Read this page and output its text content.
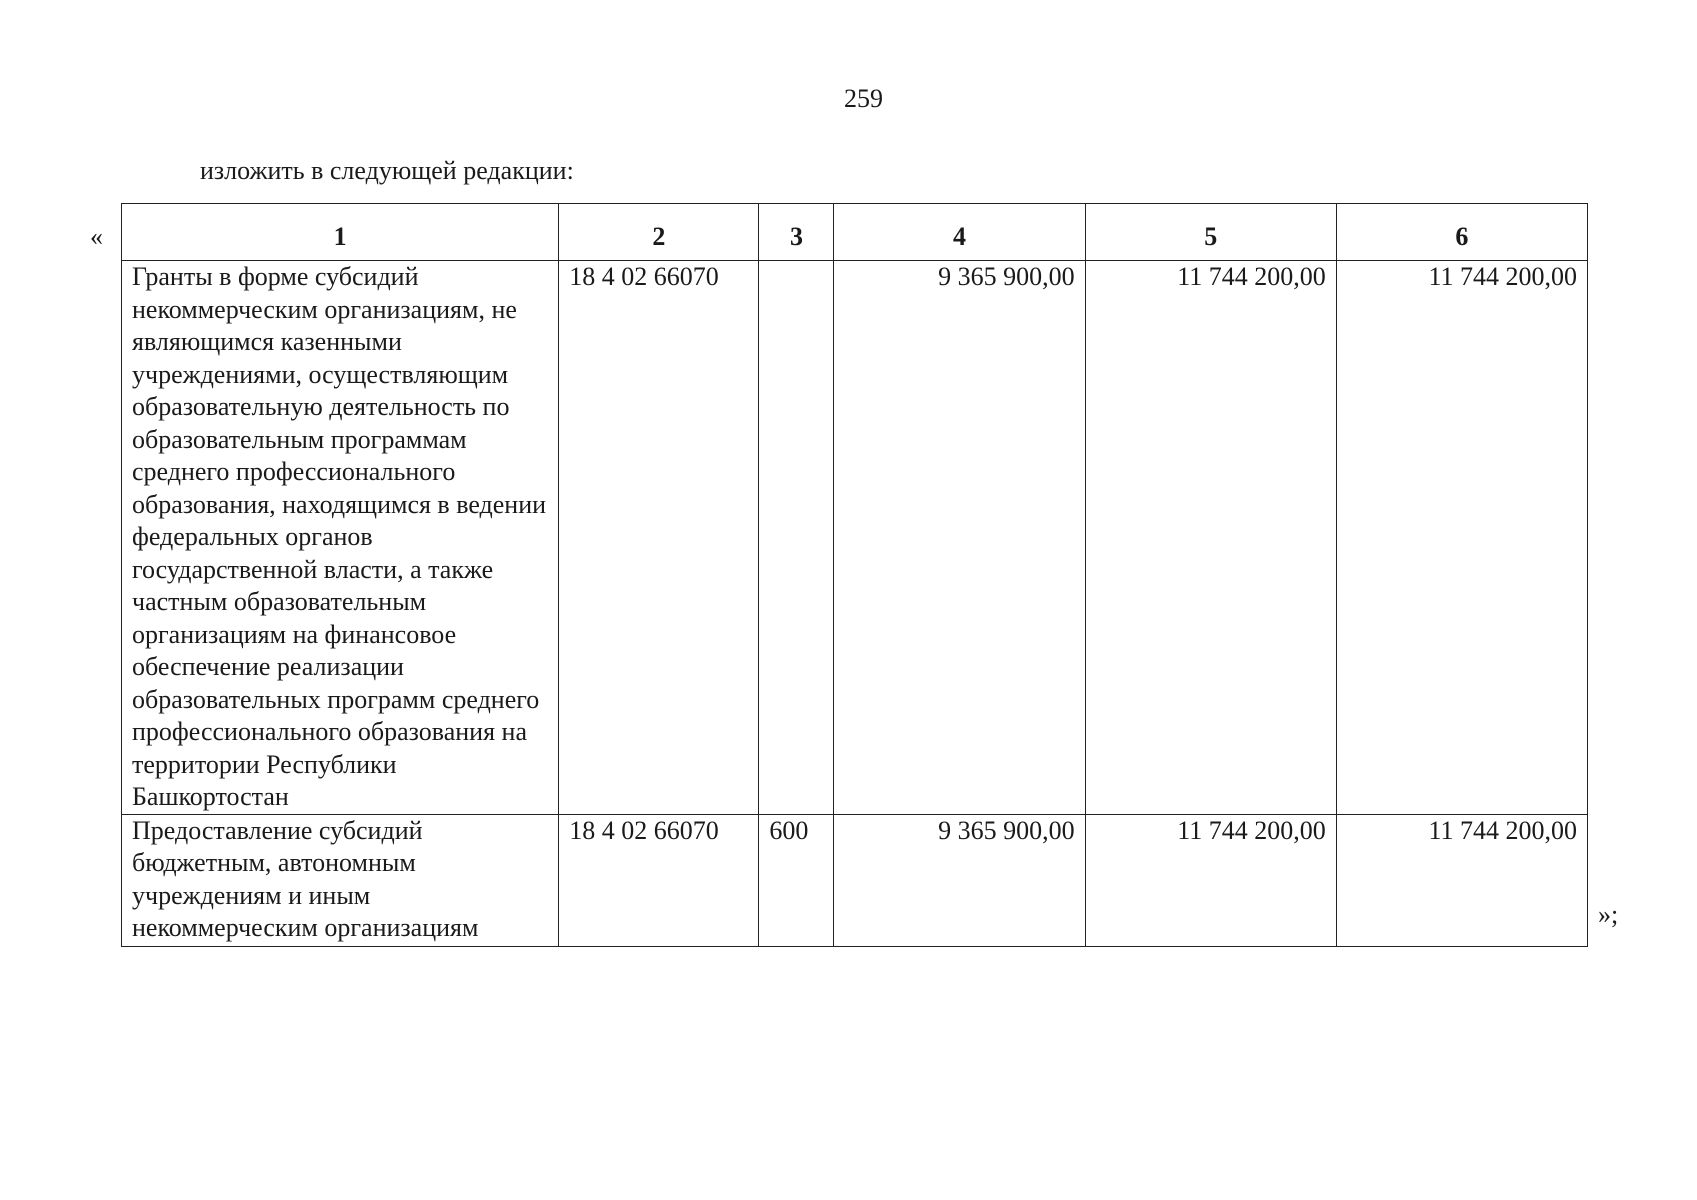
259
изложить в следующей редакции:
«	1	2	3	4	5	6
Гранты в форме субсидий некоммерческим организациям, не являющимся казенными учреждениями, осуществляющим образовательную деятельность по образовательным программам среднего профессионального образования, находящимся в ведении федеральных органов государственной власти, а также частным образовательным организациям на финансовое обеспечение реализации образовательных программ среднего профессионального образования на территории Республики Башкортостан	18 4 02 66070		9 365 900,00	11 744 200,00	11 744 200,00
Предоставление субсидий бюджетным, автономным учреждениям и иным некоммерческим организациям	18 4 02 66070	600	9 365 900,00	11 744 200,00	11 744 200,00
»;
